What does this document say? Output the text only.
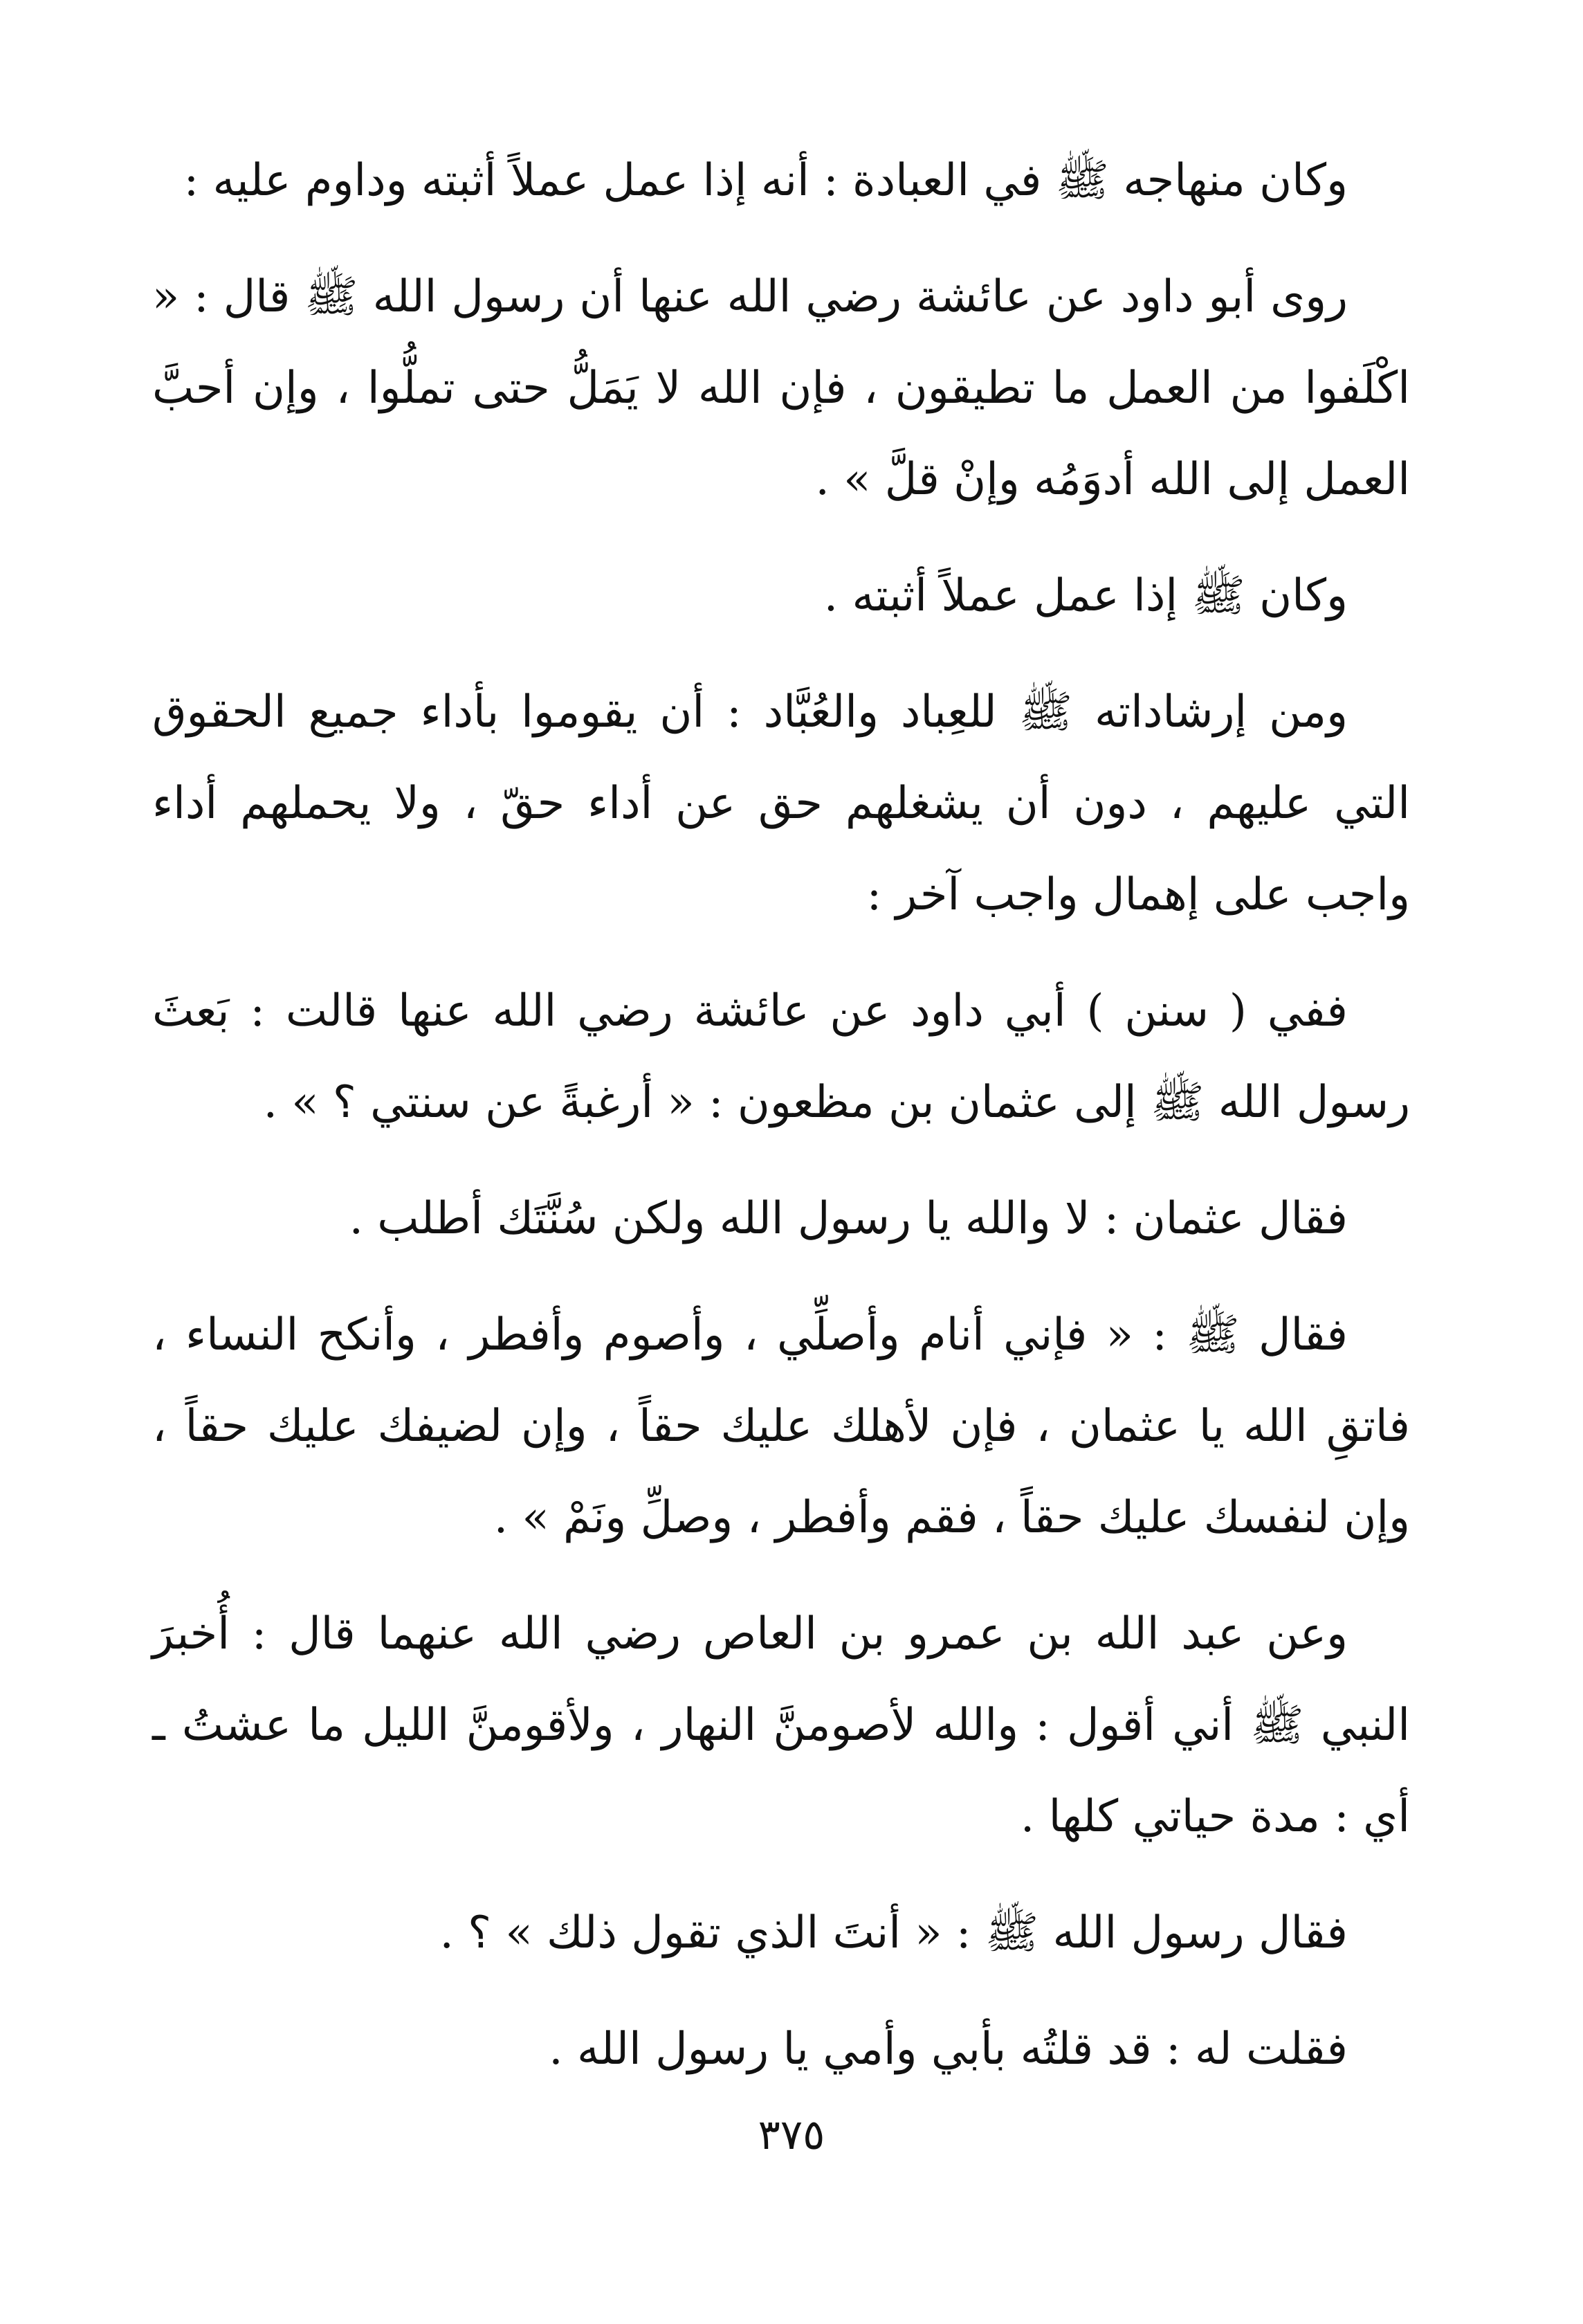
وكان منهاجه ﷺ في العبادة : أنه إذا عمل عملاً أثبته وداوم عليه :

روى أبو داود عن عائشة رضي الله عنها أن رسول الله ﷺ قال : « اكْلَفوا من العمل ما تطيقون ، فإن الله لا يَمَلُّ حتى تملُّوا ، وإن أحبَّ العمل إلى الله أدوَمُه وإنْ قلَّ » .

وكان ﷺ إذا عمل عملاً أثبته .

ومن إرشاداته ﷺ للعِباد والعُبَّاد : أن يقوموا بأداء جميع الحقوق التي عليهم ، دون أن يشغلهم حق عن أداء حقّ ، ولا يحملهم أداء واجب على إهمال واجب آخر :

ففي ( سنن ) أبي داود عن عائشة رضي الله عنها قالت : بَعثَ رسول الله ﷺ إلى عثمان بن مظعون : « أرغبةً عن سنتي ؟ » .

فقال عثمان : لا والله يا رسول الله ولكن سُنَّتَك أطلب .

فقال ﷺ : « فإني أنام وأصلِّي ، وأصوم وأفطر ، وأنكح النساء ، فاتقِ الله يا عثمان ، فإن لأهلك عليك حقاً ، وإن لضيفك عليك حقاً ، وإن لنفسك عليك حقاً ، فقم وأفطر ، وصلِّ ونَمْ » .

وعن عبد الله بن عمرو بن العاص رضي الله عنهما قال : أُخبرَ النبي ﷺ أني أقول : والله لأصومنَّ النهار ، ولأقومنَّ الليل ما عشتُ ـ أي : مدة حياتي كلها .

فقال رسول الله ﷺ : « أنتَ الذي تقول ذلك » ؟ .

فقلت له : قد قلتُه بأبي وأمي يا رسول الله .

٣٧٥
